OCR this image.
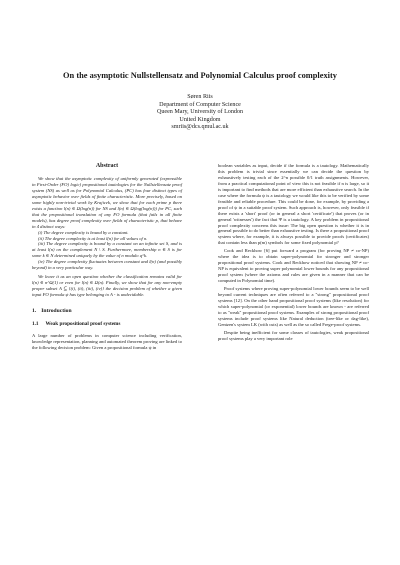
On the asymptotic Nullstellensatz and Polynomial Calculus proof complexity
Søren Riis
Department of Computer Science
Queen Mary, University of London
United Kingdom
smriis@dcs.qmul.ac.uk
Abstract

We show that the asymptotic complexity of uniformly generated (expressible in First-Order (FO) logic) propositional tautologies for the Nullstellensatz proof system (NS) as well as for Polynomial Calculus, (PC) has four distinct types of asymptotic behavior over fields of finite characteristic. More precisely, based on some highly non-trivial work by Krajicek, we show that for each prime p there exists a function l(n) ∈ Ω(log(n)) for NS and l(n) ∈ Ω(log(log(n))) for PC, such that the propositional translation of any FO formula (that fails in all finite models), has degree proof complexity over fields of characteristic p, that behave in 4 distinct ways:

(i) The degree complexity is bound by a constant.

(ii) The degree complexity is at least l(n) for all values of n.

(iii) The degree complexity is bound by a constant on an infinite set S, and is at least l(n) on the complement N \ S. Furthermore, membership n ∈ S is for some k ∈ N determined uniquely by the value of n modulo q^k.

(iv) The degree complexity fluctuates between constant and l(n) (and possibly beyond) in a very particular way.

We leave it as an open question whether the classification remains valid for l(n) ∈ n^Ω(1) or even for l(n) ∈ Ω(n). Finally, we show that for any non-empty proper subset A ⊆ {(i), (ii), (iii), (iv)} the decision problem of whether a given input FO formula ψ has type belonging to A - is undecidable.

1. Introduction
1.1 Weak propositional proof systems

A large number of problems in computer science including verification, knowledge representation, planning and automated theorem proving are linked to the following decision problem: Given a propositional formula ψ in

boolean variables as input, decide if the formula is a tautology. Mathematically this problem is trivial since essentially we can decide the question by exhaustively testing each of the 2^n possible 0/1 truth assignments. However, from a practical computational point of view this is not feasible if n is large, so it is important to find methods that are more efficient than exhaustive search. In the case where the formula ψ is a tautology we would like this to be verified by some feasible and reliable procedure. This could be done, for example, by providing a proof of ψ in a suitable proof system. Such approach is, however, only feasible if there exists a 'short' proof (or in general a short 'certificate') that proves (or in general 'witnesses') the fact that Ψ is a tautology. A key problem in propositional proof complexity concerns this issue: The big open question is whether it is in general possible to do better than exhaustive testing. Is there a propositional proof system where, for example, it is always possible to provide proofs (certificates) that contain less than p(m) symbols for some fixed polynomial p?

Cook and Reckhow [6] put forward a program (for proving NP ≠ co-NP) where the idea is to obtain super-polynomial for stronger and stronger propositional proof systems. Cook and Reckhow noticed that showing NP ≠ co-NP is equivalent to proving super polynomial lower bounds for any propositional proof system (where the axioms and rules are given in a manner that can be computed in Polynomial time).

Proof systems where proving super-polynomial lower bounds seem to be well beyond current techniques are often referred to a "strong" propositional proof systems [12]. On the other hand propositional proof systems (like resolution) for which super-polynomial (or exponential) lower bounds are known - are referred to as "weak" propositional proof systems. Examples of strong propositional proof systems include proof systems like Natural deduction (tree-like or dag-like), Gentzen's system LK (with cuts) as well as the so called Frege-proof systems.

Despite being inefficient for some classes of tautologies, weak propositional proof systems play a very important role
